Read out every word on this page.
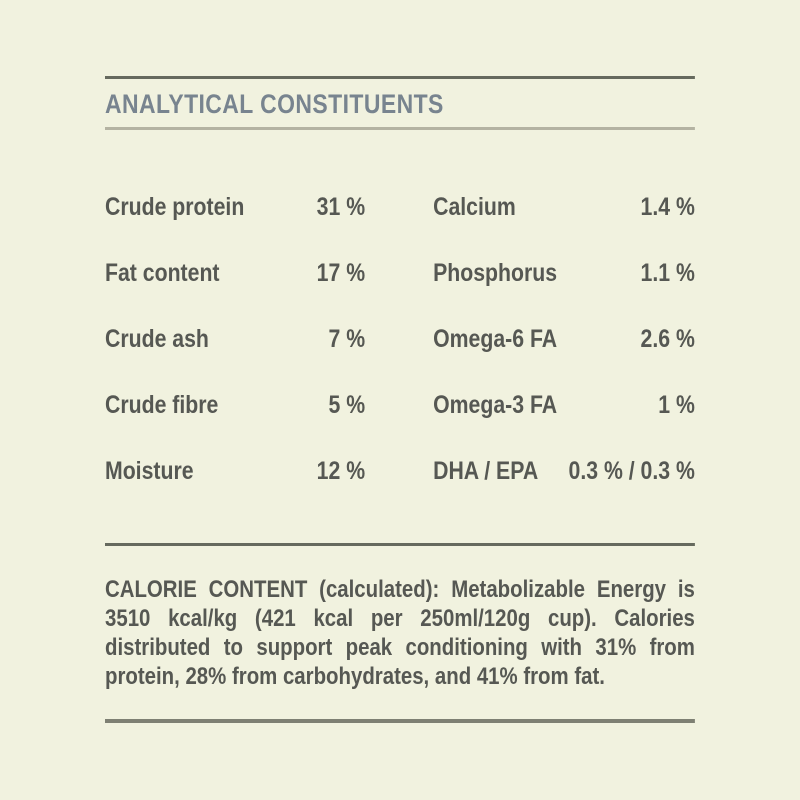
ANALYTICAL CONSTITUENTS
Crude protein	31 %
Fat content	17 %
Crude ash	7 %
Crude fibre	5 %
Moisture	12 %
Calcium	1.4 %
Phosphorus	1.1 %
Omega-6 FA	2.6 %
Omega-3 FA	1 %
DHA / EPA 0.3 % / 0.3 %
CALORIE CONTENT (calculated): Metabolizable Energy is
3510 kcal/kg (421 kcal per 250ml/120g cup). Calories
distributed to support peak conditioning with 31% from
protein, 28% from carbohydrates, and 41% from fat.
